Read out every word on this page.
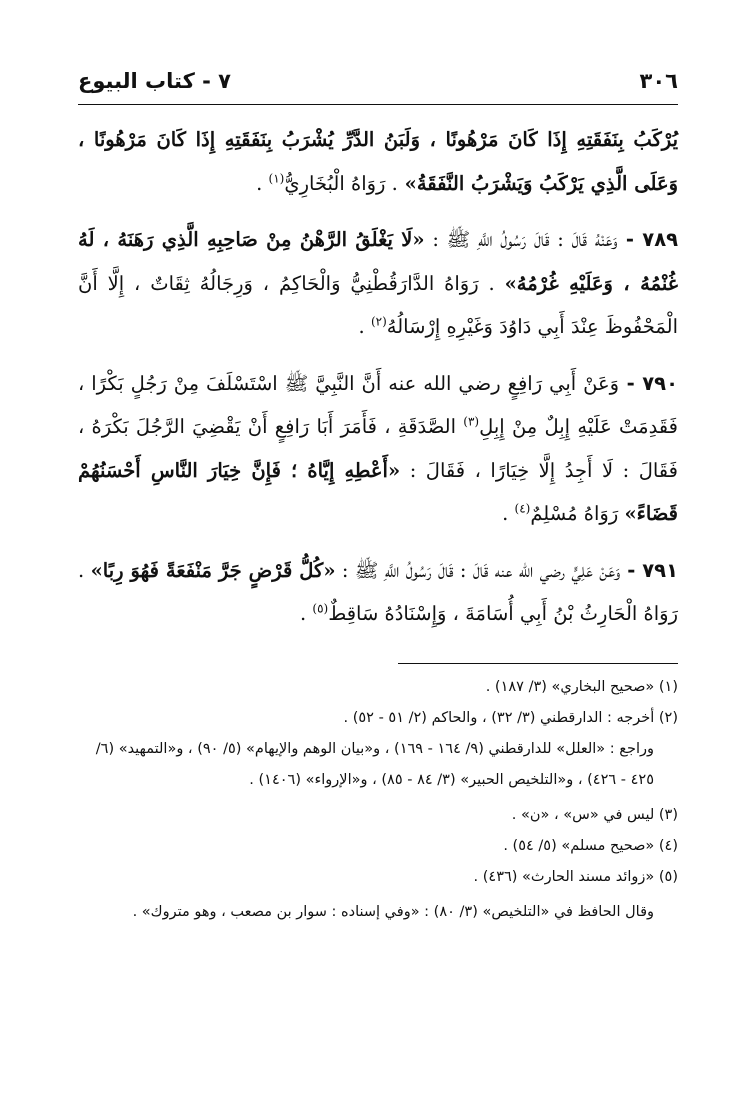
٣٠٦
٧ - كتاب البيوع

يُرْكَبُ بِنَفَقَتِهِ إِذَا كَانَ مَرْهُونًا ، وَلَبَنُ الدَّرِّ يُشْرَبُ بِنَفَقَتِهِ إِذَا كَانَ مَرْهُونًا ، وَعَلَى الَّذِي يَرْكَبُ وَيَشْرَبُ النَّفَقَةُ» . رَوَاهُ الْبُخَارِيُّ$^{(١)}$ .

٧٨٩ - وَعَنْهُ قَالَ : قَالَ رَسُولُ اللَّهِ ﷺ : «لَا يَغْلَقُ الرَّهْنُ مِنْ صَاحِبِهِ الَّذِي رَهَنَهُ ، لَهُ غُنْمُهُ ، وَعَلَيْهِ غُرْمُهُ» . رَوَاهُ الدَّارَقُطْنِيُّ وَالْحَاكِمُ ، وَرِجَالُهُ ثِقَاتٌ ، إِلَّا أَنَّ الْمَحْفُوظَ عِنْدَ أَبِي دَاوُدَ وَغَيْرِهِ إِرْسَالُهُ$^{(٢)}$ .

٧٩٠ - وَعَنْ أَبِي رَافِعٍ رضي الله عنه أَنَّ النَّبِيَّ ﷺ اسْتَسْلَفَ مِنْ رَجُلٍ بَكْرًا ، فَقَدِمَتْ عَلَيْهِ إِبِلٌ مِنْ إِبِلِ$^{(٣)}$ الصَّدَقَةِ ، فَأَمَرَ أَبَا رَافِعٍ أَنْ يَقْضِيَ الرَّجُلَ بَكْرَهُ ، فَقَالَ : لَا أَجِدُ إِلَّا خِيَارًا ، فَقَالَ : «أَعْطِهِ إِيَّاهُ ؛ فَإِنَّ خِيَارَ النَّاسِ أَحْسَنُهُمْ قَضَاءً» رَوَاهُ مُسْلِمٌ$^{(٤)}$ .

٧٩١ - وَعَنْ عَلِيٍّ رضي الله عنه قَالَ : قَالَ رَسُولُ اللَّهِ ﷺ : «كُلُّ قَرْضٍ جَرَّ مَنْفَعَةً فَهُوَ رِبًا» . رَوَاهُ الْحَارِثُ بْنُ أَبِي أُسَامَةَ ، وَإِسْنَادُهُ سَاقِطٌ$^{(٥)}$ .

(١) «صحيح البخاري» (٣/ ١٨٧) .
(٢) أخرجه : الدارقطني (٣/ ٣٢) ، والحاكم (٢/ ٥١ - ٥٢) .
وراجع : «العلل» للدارقطني (٩/ ١٦٤ - ١٦٩) ، و«بيان الوهم والإيهام» (٥/ ٩٠) ، و«التمهيد» (٦/ ٤٢٥ - ٤٢٦) ، و«التلخيص الحبير» (٣/ ٨٤ - ٨٥) ، و«الإرواء» (١٤٠٦) .
(٣) ليس في «س» ، «ن» .
(٤) «صحيح مسلم» (٥/ ٥٤) .
(٥) «زوائد مسند الحارث» (٤٣٦) .
وقال الحافظ في «التلخيص» (٣/ ٨٠) : «وفي إسناده : سوار بن مصعب ، وهو متروك» .
